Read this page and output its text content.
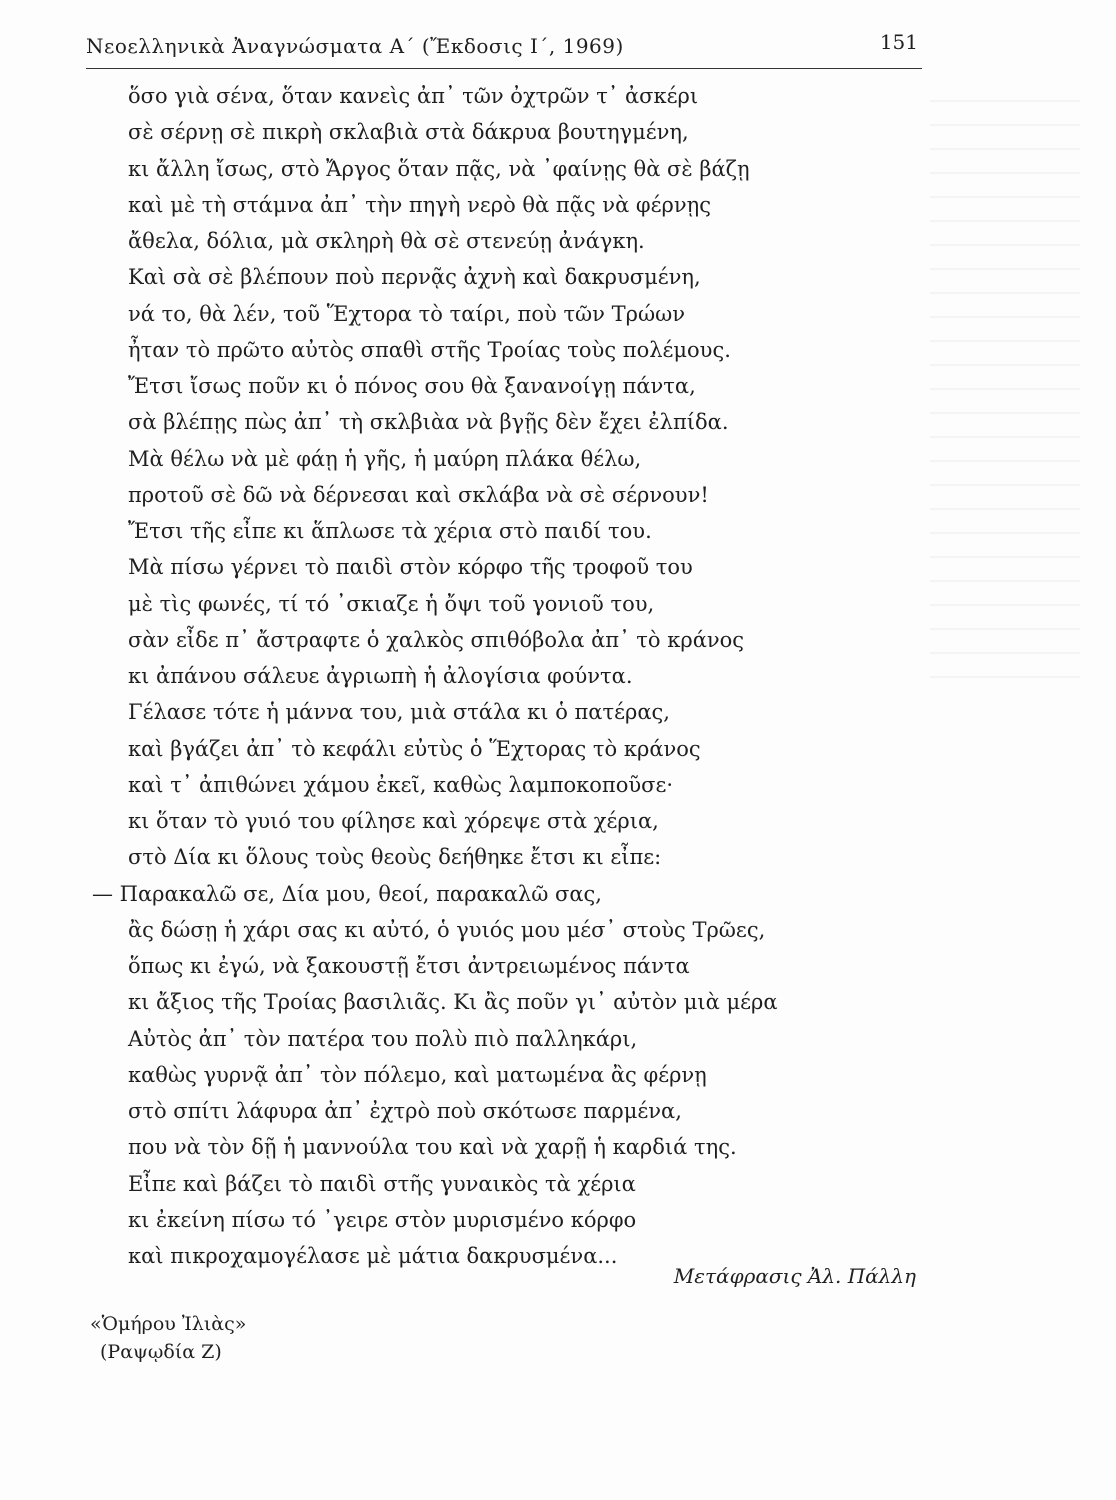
Νεοελληνικὰ Ἀναγνώσματα Α΄ (Ἔκδοσις Ι΄, 1969)	151
ὅσο γιὰ σένα, ὅταν κανεὶς ἀπ᾿ τῶν ὀχτρῶν τ᾿ ἀσκέρι
σὲ σέρνῃ σὲ πικρὴ σκλαβιὰ στὰ δάκρυα βουτηγμένη,
κι ἄλλη ἴσως, στὸ Ἄργος ὅταν πᾷς, νὰ ᾿φαίνῃς θὰ σὲ βάζῃ
καὶ μὲ τὴ στάμνα ἀπ᾿ τὴν πηγὴ νερὸ θὰ πᾷς νὰ φέρνῃς
ἄθελα, δόλια, μὰ σκληρὴ θὰ σὲ στενεύῃ ἀνάγκη.
Καὶ σὰ σὲ βλέπουν ποὺ περνᾷς ἀχνὴ καὶ δακρυσμένη,
νά το, θὰ λέν, τοῦ Ἕχτορα τὸ ταίρι, ποὺ τῶν Τρώων
ἦταν τὸ πρῶτο αὐτὸς σπαθὶ στῆς Τροίας τοὺς πολέμους.
Ἔτσι ἴσως ποῦν κι ὁ πόνος σου θὰ ξανανοίγῃ πάντα,
σὰ βλέπῃς πὼς ἀπ᾿ τὴ σκλβιὰα νὰ βγῇς δὲν ἔχει ἐλπίδα.
Μὰ θέλω νὰ μὲ φάῃ ἡ γῆς, ἡ μαύρη πλάκα θέλω,
προτοῦ σὲ δῶ νὰ δέρνεσαι καὶ σκλάβα νὰ σὲ σέρνουν!
Ἔτσι τῆς εἶπε κι ἅπλωσε τὰ χέρια στὸ παιδί του.
Μὰ πίσω γέρνει τὸ παιδὶ στὸν κόρφο τῆς τροφοῦ του
μὲ τὶς φωνές, τί τό ᾿σκιαζε ἡ ὄψι τοῦ γονιοῦ του,
σὰν εἶδε π᾿ ἄστραφτε ὁ χαλκὸς σπιθόβολα ἀπ᾿ τὸ κράνος
κι ἀπάνου σάλευε ἀγριωπὴ ἡ ἀλογίσια φούντα.
Γέλασε τότε ἡ μάννα του, μιὰ στάλα κι ὁ πατέρας,
καὶ βγάζει ἀπ᾿ τὸ κεφάλι εὐτὺς ὁ Ἕχτορας τὸ κράνος
καὶ τ᾿ ἀπιθώνει χάμου ἐκεῖ, καθὼς λαμποκοποῦσε·
κι ὅταν τὸ γυιό του φίλησε καὶ χόρεψε στὰ χέρια,
στὸ Δία κι ὅλους τοὺς θεοὺς δεήθηκε ἔτσι κι εἶπε:
— Παρακαλῶ σε, Δία μου, θεοί, παρακαλῶ σας,
ἂς δώσῃ ἡ χάρι σας κι αὐτό, ὁ γυιός μου μέσ᾿ στοὺς Τρῶες,
ὅπως κι ἐγώ, νὰ ξακουστῇ ἔτσι ἀντρειωμένος πάντα
κι ἄξιος τῆς Τροίας βασιλιᾶς. Κι ἂς ποῦν γι᾿ αὐτὸν μιὰ μέρα
Αὐτὸς ἀπ᾿ τὸν πατέρα του πολὺ πιὸ παλληκάρι,
καθὼς γυρνᾷ ἀπ᾿ τὸν πόλεμο, καὶ ματωμένα ἂς φέρνῃ
στὸ σπίτι λάφυρα ἀπ᾿ ἐχτρὸ ποὺ σκότωσε παρμένα,
που νὰ τὸν δῇ ἡ μαννούλα του καὶ νὰ χαρῇ ἡ καρδιά της.
Εἶπε καὶ βάζει τὸ παιδὶ στῆς γυναικὸς τὰ χέρια
κι ἐκείνη πίσω τό ᾿γειρε στὸν μυρισμένο κόρφο
καὶ πικροχαμογέλασε μὲ μάτια δακρυσμένα...
Μετάφρασις Ἀλ. Πάλλη
«Ὁμήρου Ἰλιὰς»
(Ραψῳδία Ζ)
